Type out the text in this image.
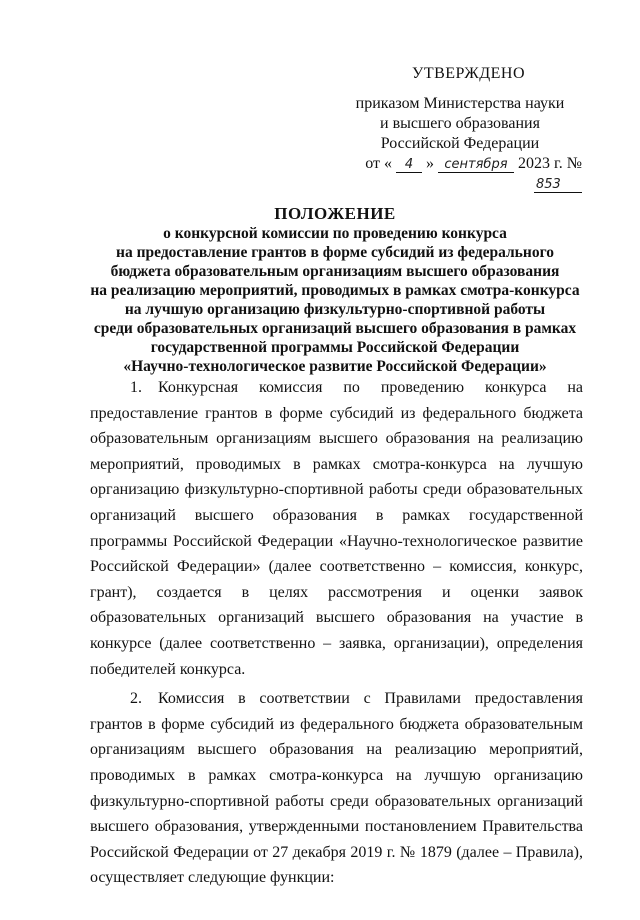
УТВЕРЖДЕНО
приказом Министерства науки
и высшего образования
Российской Федерации
от « 4 » сентября 2023 г. № 853
ПОЛОЖЕНИЕ
о конкурсной комиссии по проведению конкурса
на предоставление грантов в форме субсидий из федерального
бюджета образовательным организациям высшего образования
на реализацию мероприятий, проводимых в рамках смотра-конкурса
на лучшую организацию физкультурно-спортивной работы
среди образовательных организаций высшего образования в рамках
государственной программы Российской Федерации
«Научно-технологическое развитие Российской Федерации»

1. Конкурсная комиссия по проведению конкурса на предоставление грантов в форме субсидий из федерального бюджета образовательным организациям высшего образования на реализацию мероприятий, проводимых в рамках смотра-конкурса на лучшую организацию физкультурно-спортивной работы среди образовательных организаций высшего образования в рамках государственной программы Российской Федерации «Научно-технологическое развитие Российской Федерации» (далее соответственно – комиссия, конкурс, грант), создается в целях рассмотрения и оценки заявок образовательных организаций высшего образования на участие в конкурсе (далее соответственно – заявка, организации), определения победителей конкурса.

2. Комиссия в соответствии с Правилами предоставления грантов в форме субсидий из федерального бюджета образовательным организациям высшего образования на реализацию мероприятий, проводимых в рамках смотра-конкурса на лучшую организацию физкультурно-спортивной работы среди образовательных организаций высшего образования, утвержденными постановлением Правительства Российской Федерации от 27 декабря 2019 г. № 1879 (далее – Правила), осуществляет следующие функции:
